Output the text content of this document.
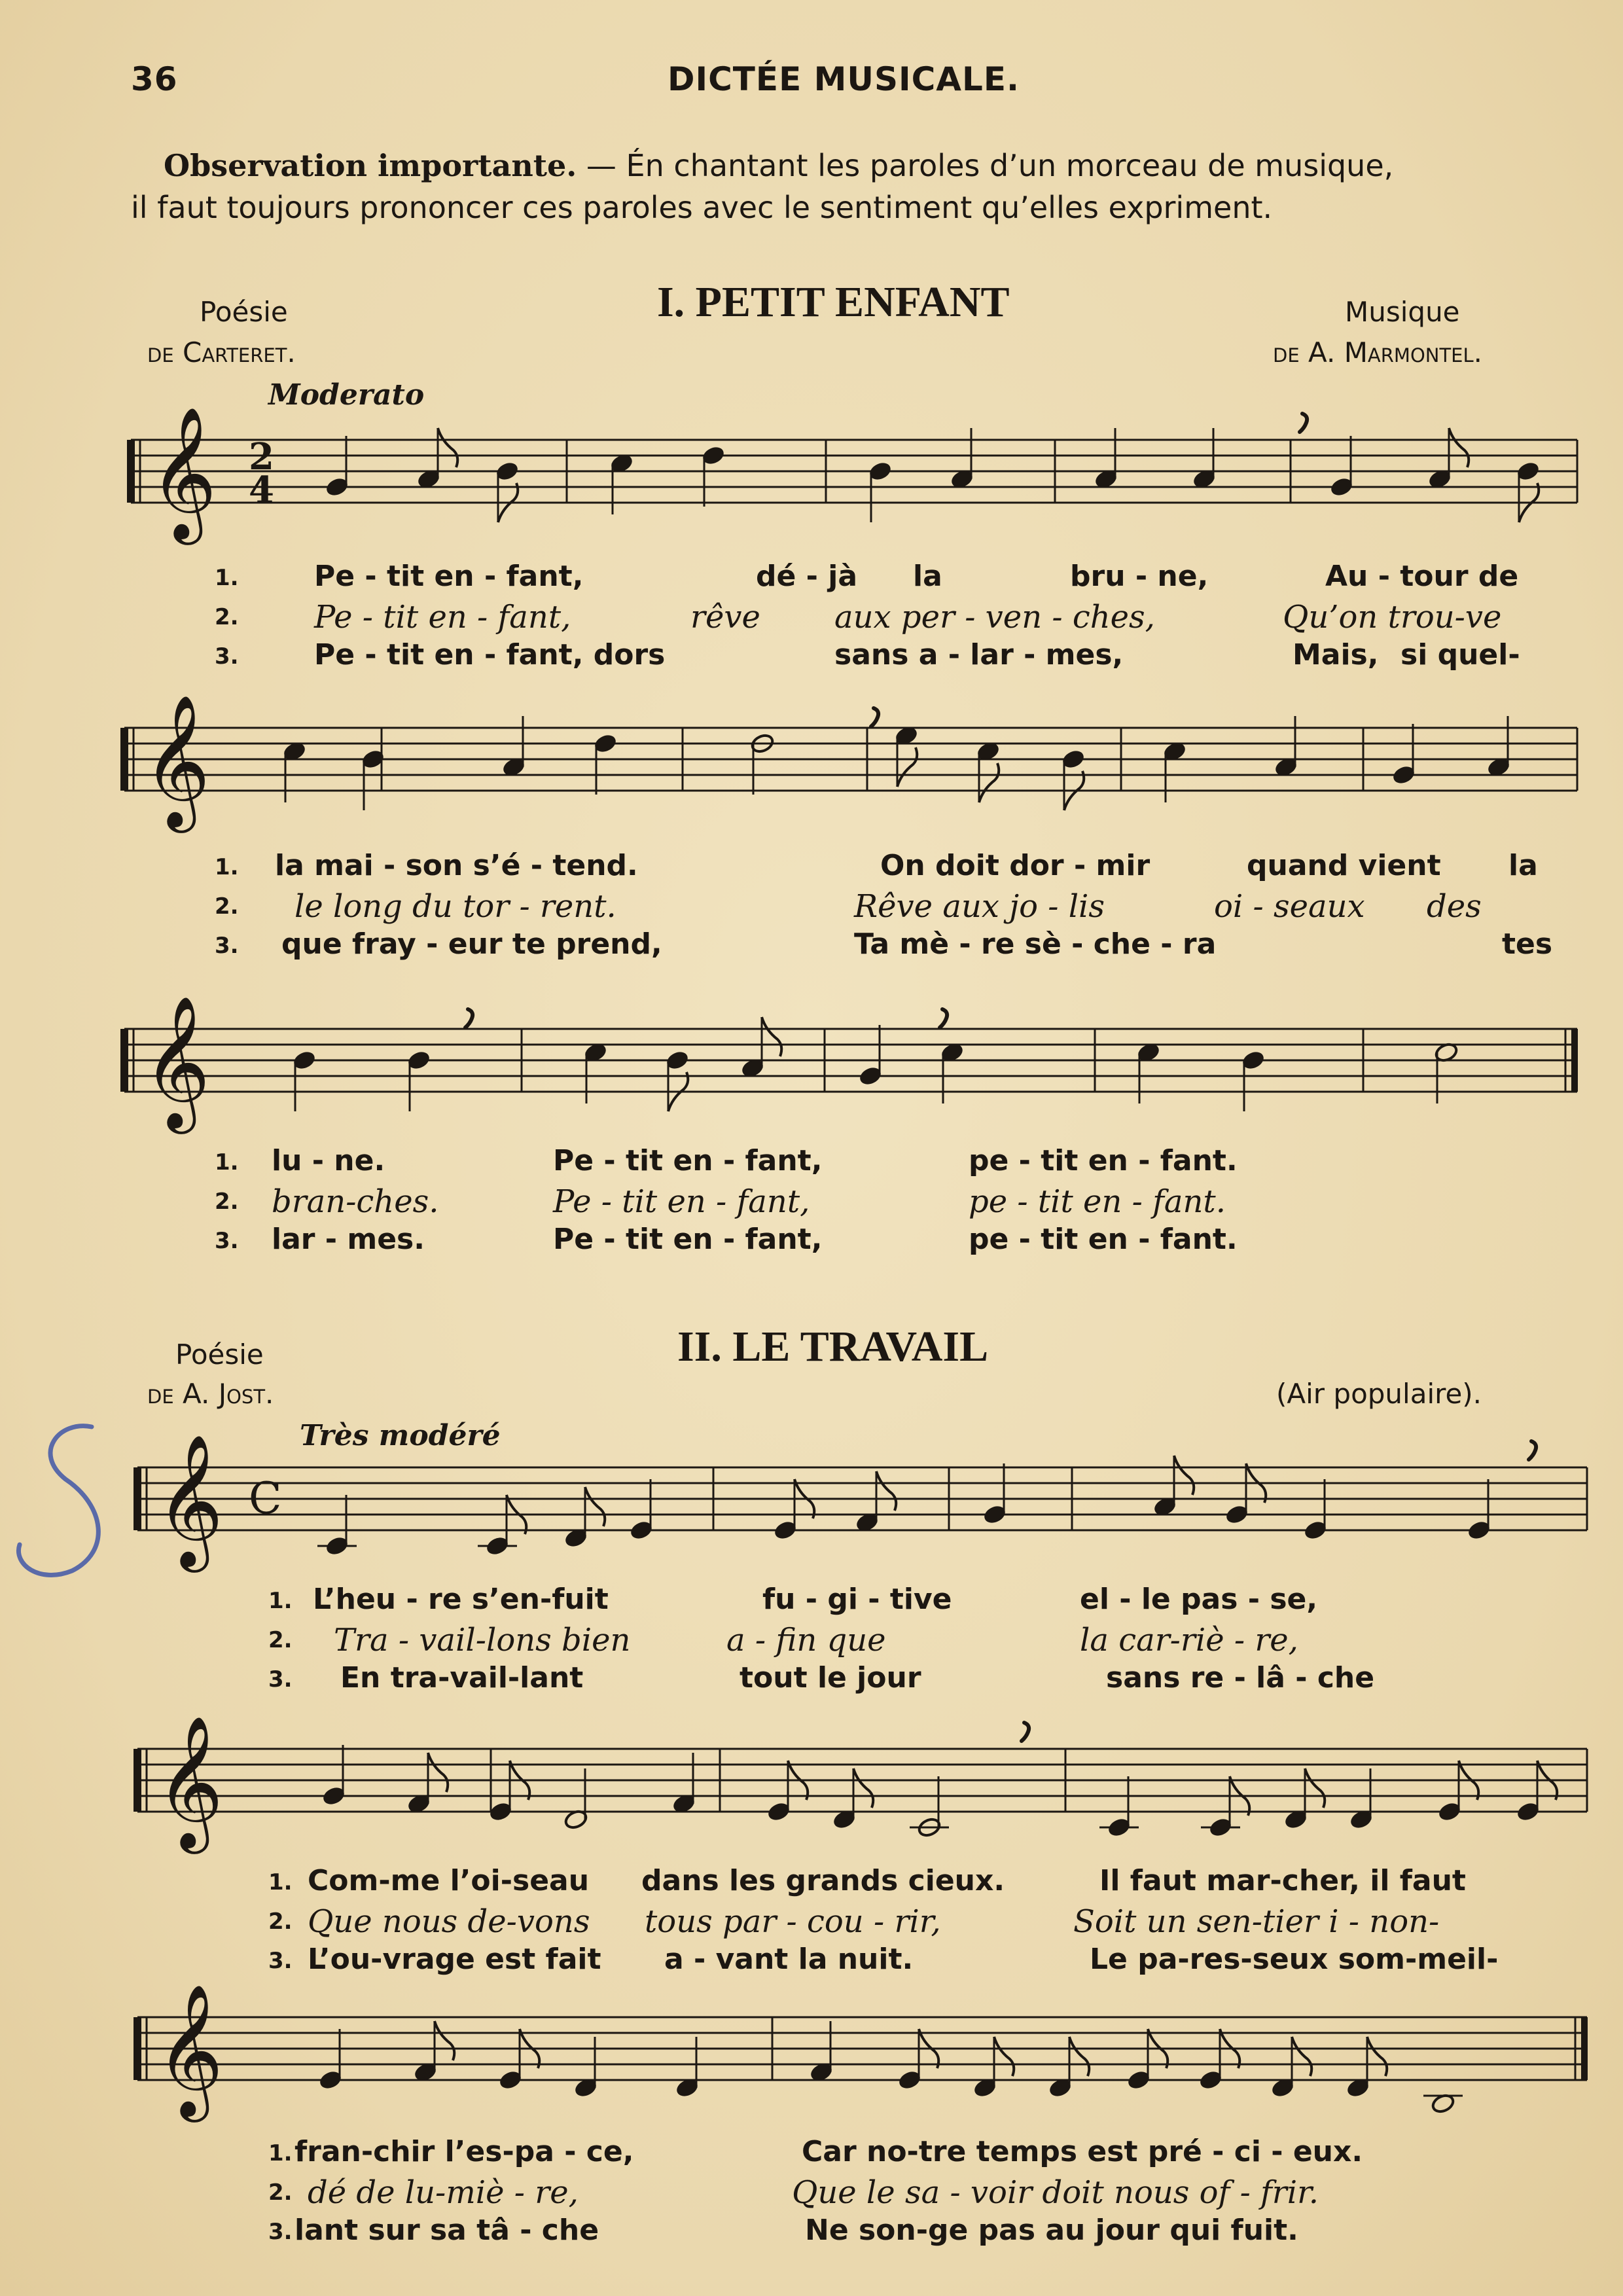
36	DICTÉE MUSICALE.
Observation importante. — Én chantant les paroles d’un morceau de musique,
il faut toujours prononcer ces paroles avec le sentiment qu’elles expriment.
Poésie
de Carteret.
I. PETIT ENFANT	Musique
de A. Marmontel.
Moderato
Poésie
de A. Jost.
II. LE TRAVAIL
(Air populaire).
Très modéré
𝄞 2
4
𝄞
𝄞
𝄞 C
𝄞
𝄞
1.	Pe - tit en - fant,	dé - jà la	bru - ne,	Au - tour de
2. Pe - tit en - fant,	rêve aux per - ven - ches,	Qu’on trou-ve
3.	Pe - tit en - fant, dors	sans a - lar - mes,	Mais, si quel-
1. la mai - son s’é - tend.	On doit dor - mir	quand vient la
2. le long du tor - rent.	Rêve aux jo - lis	oi - seaux des
3. que fray - eur te prend,	Ta mè - re sè - che - ra	tes
1. lu - ne.	Pe - tit en - fant,	pe - tit en - fant.
2. bran-ches.	Pe - tit en - fant,	pe - tit en - fant.
3. lar - mes.	Pe - tit en - fant,	pe - tit en - fant.
1. L’heu - re s’en-fuit	fu - gi - tive	el - le pas - se,
2. Tra - vail-lons bien	a - fin que	la car-riè - re,
3. En tra-vail-lant	tout le jour	sans re - lâ - che
1. Com-me l’oi-seau dans les grands cieux.	Il faut mar-cher, il faut
2. Que nous de-vons tous par - cou - rir,	Soit un sen-tier i - non-
3. L’ou-vrage est fait a - vant la nuit.	Le pa-res-seux som-meil-
1. fran-chir l’es-pa - ce,	Car no-tre temps est pré - ci - eux.
2. dé de lu-miè - re,	Que le sa - voir doit nous of - frir.
3. lant sur sa tâ - che	Ne son-ge pas au jour qui fuit.
